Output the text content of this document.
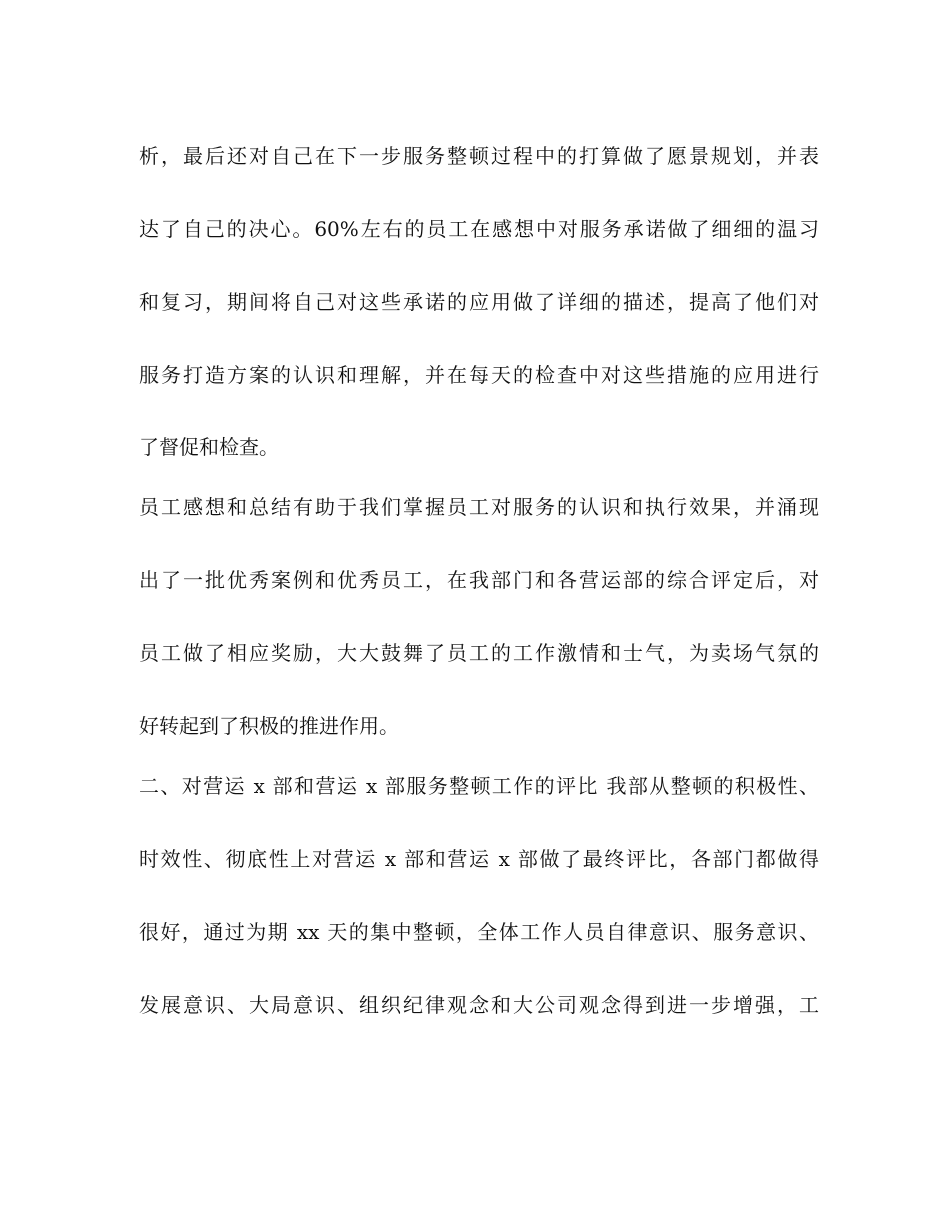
析，最后还对自己在下一步服务整顿过程中的打算做了愿景规划，并表
达了自己的决心。60%左右的员工在感想中对服务承诺做了细细的温习
和复习，期间将自己对这些承诺的应用做了详细的描述，提高了他们对
服务打造方案的认识和理解，并在每天的检查中对这些措施的应用进行
了督促和检查。
员工感想和总结有助于我们掌握员工对服务的认识和执行效果，并涌现
出了一批优秀案例和优秀员工，在我部门和各营运部的综合评定后，对
员工做了相应奖励，大大鼓舞了员工的工作激情和士气，为卖场气氛的
好转起到了积极的推进作用。
二、对营运 x 部和营运 x 部服务整顿工作的评比 我部从整顿的积极性、
时效性、彻底性上对营运 x 部和营运 x 部做了最终评比，各部门都做得
很好，通过为期 xx 天的集中整顿，全体工作人员自律意识、服务意识、
发展意识、大局意识、组织纪律观念和大公司观念得到进一步增强，工
